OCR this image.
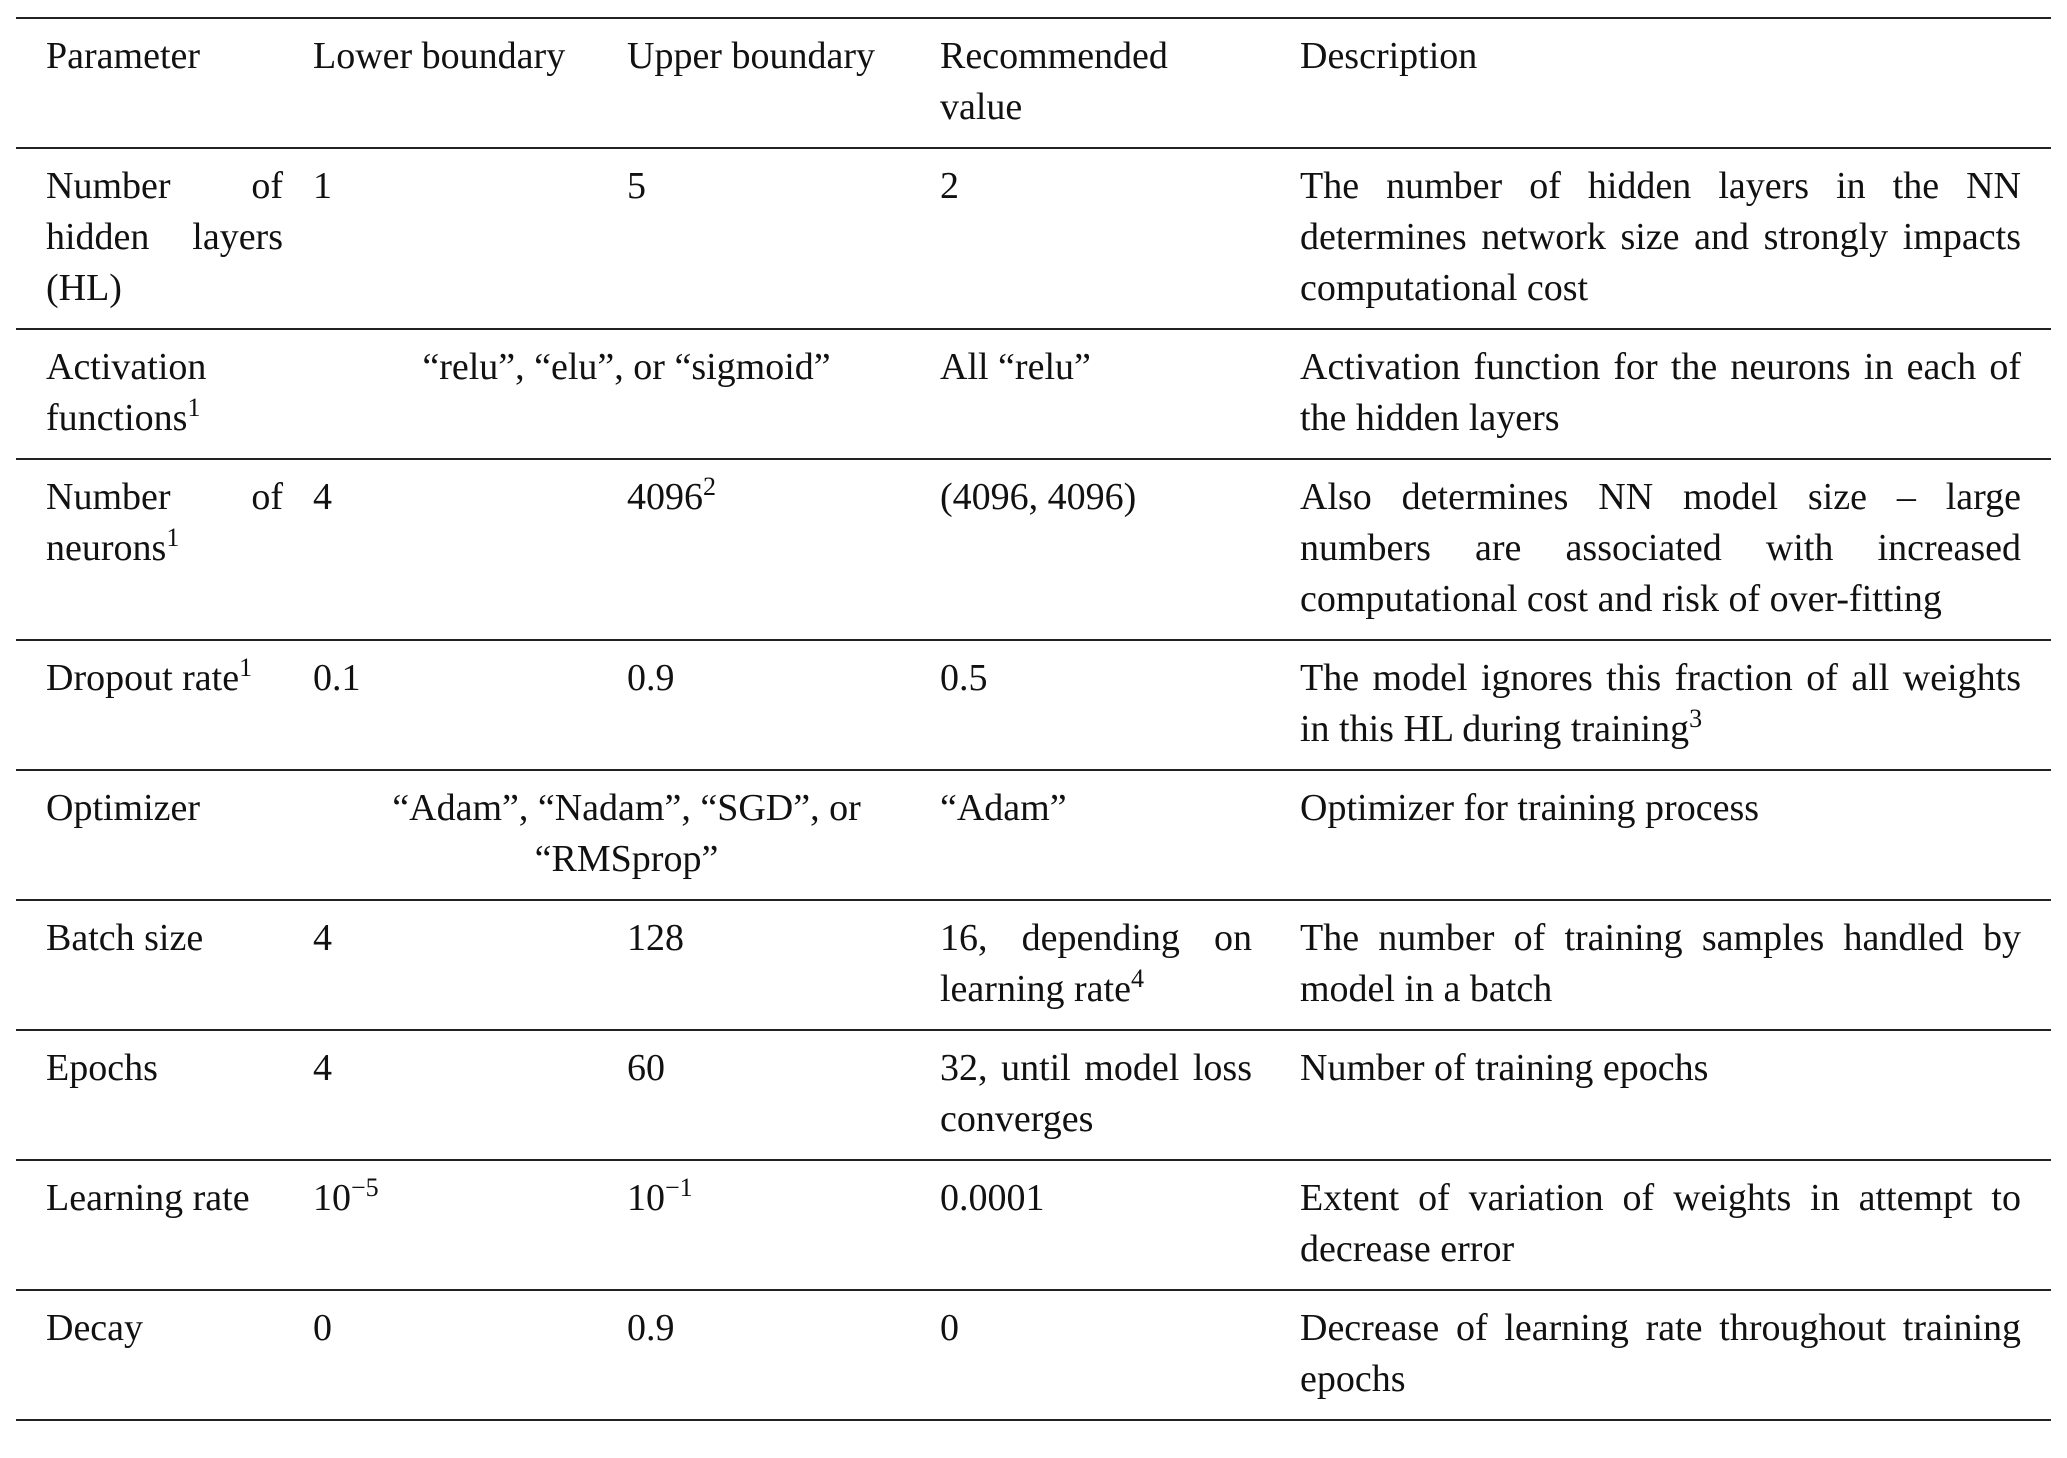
Parameter	Lower boundary	Upper boundary	Recommended value	Description
Number of hidden layers (HL)	1	5	2	The number of hidden layers in the NN determines network size and strongly impacts computational cost
Activation functions$^1$	“relu”, “elu”, or “sigmoid”		All “relu”	Activation function for the neurons in each of the hidden layers
Number of neurons$^1$	4	4096$^2$	(4096, 4096)	Also determines NN model size – large numbers are associated with increased computational cost and risk of over-fitting
Dropout rate$^1$	0.1	0.9	0.5	The model ignores this fraction of all weights in this HL during training$^3$
Optimizer	“Adam”, “Nadam”, “SGD”, or “RMSprop”		“Adam”	Optimizer for training process
Batch size	4	128	16, depending on learning rate$^4$	The number of training samples handled by model in a batch
Epochs	4	60	32, until model loss converges	Number of training epochs
Learning rate	$10^{-5}$	$10^{-1}$	0.0001	Extent of variation of weights in attempt to decrease error
Decay	0	0.9	0	Decrease of learning rate throughout training epochs
